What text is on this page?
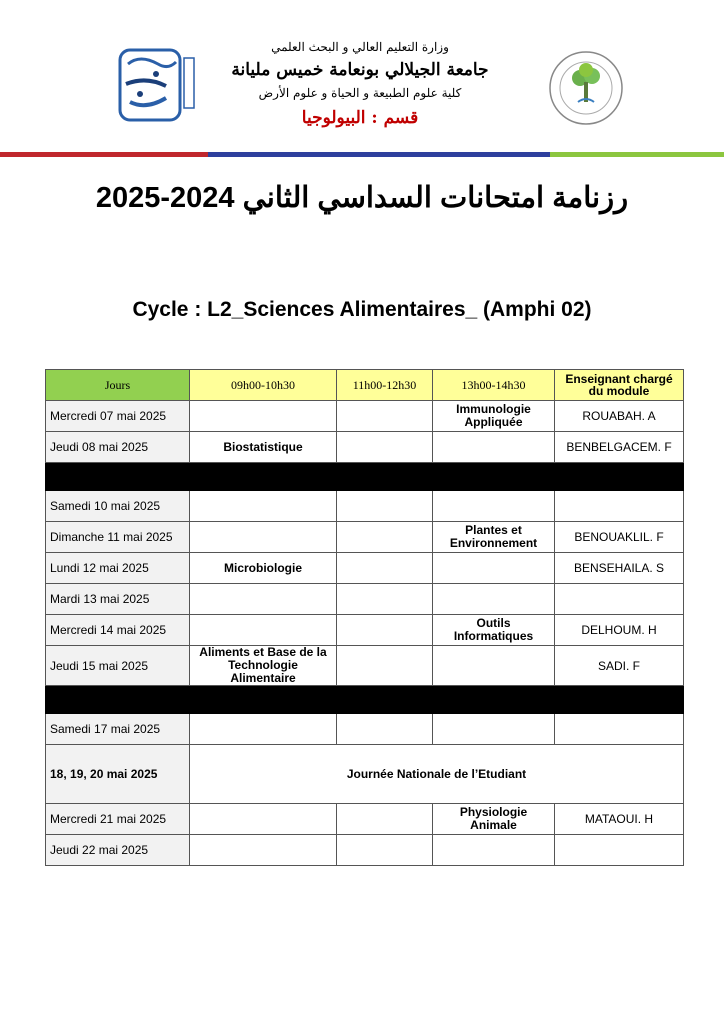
وزارة التعليم العالي و البحث العلمي
جامعة الجيلالي بونعامة خميس مليانة
كلية علوم الطبيعة و الحياة و علوم الأرض
قسم : البيولوجيا
رزنامة امتحانات السداسي الثاني 2024-2025
Cycle : L2_Sciences Alimentaires_ (Amphi 02)
Jours	09h00-10h30	11h00-12h30	13h00-14h30	Enseignant chargé du module
Mercredi 07 mai 2025			Immunologie Appliquée	ROUABAH. A
Jeudi 08 mai 2025	Biostatistique			BENBELGACEM. F

Samedi 10 mai 2025				
Dimanche 11 mai 2025			Plantes et Environnement	BENOUAKLIL. F
Lundi 12 mai 2025	Microbiologie			BENSEHAILA. S
Mardi 13 mai 2025				
Mercredi 14 mai 2025			Outils Informatiques	DELHOUM. H
Jeudi 15 mai 2025	Aliments et Base de la Technologie Alimentaire			SADI. F

Samedi 17 mai 2025				
18, 19, 20 mai 2025	Journée Nationale de l’Etudiant			
Mercredi 21 mai 2025			Physiologie Animale	MATAOUI. H
Jeudi 22 mai 2025				
